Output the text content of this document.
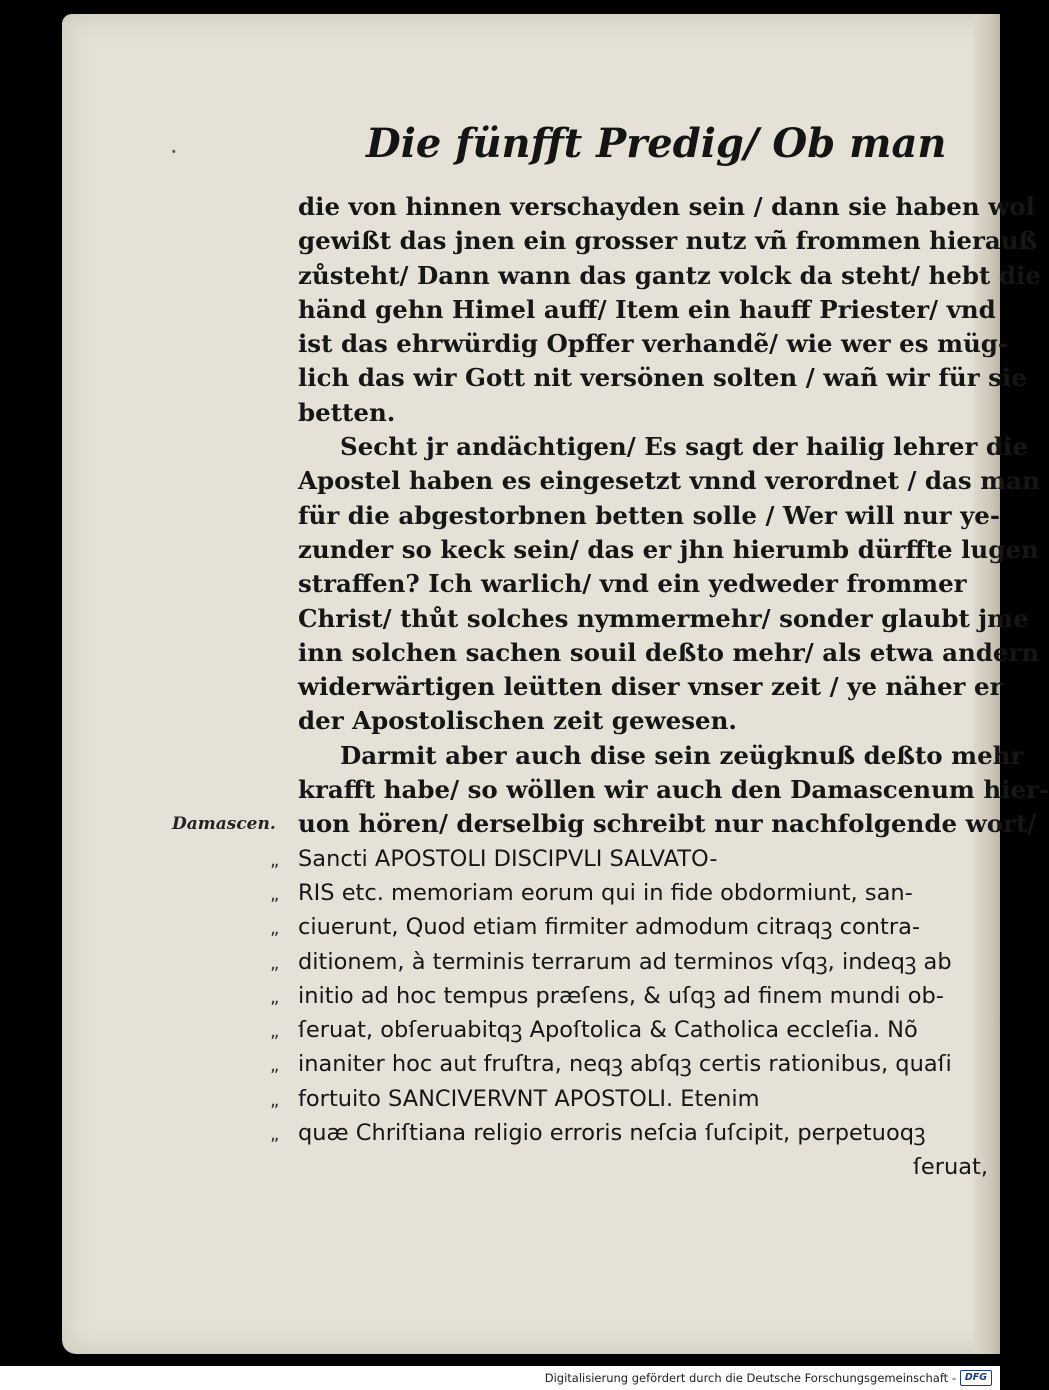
·	Die fünfft Predig/ Ob man
Damascen.
die von hinnen verschayden sein / dann sie haben wol
gewißt das jnen ein grosser nutz vñ frommen hierauß
zůsteht/ Dann wann das gantz volck da steht/ hebt die
händ gehn Himel auff/ Item ein hauff Priester/ vnd
ist das ehrwürdig Opffer verhandẽ/ wie wer es müg-
lich das wir Gott nit versönen solten / wañ wir für sie
betten.
Secht jr andächtigen/ Es sagt der hailig lehrer die
Apostel haben es eingesetzt vnnd verordnet / das man
für die abgestorbnen betten solle / Wer will nur ye-
zunder so keck sein/ das er jhn hierumb dürffte lugen
straffen? Ich warlich/ vnd ein yedweder frommer
Christ/ thůt solches nymmermehr/ sonder glaubt jme
inn solchen sachen souil deßto mehr/ als etwa andern
widerwärtigen leütten diser vnser zeit / ye näher er
der Apostolischen zeit gewesen.
Darmit aber auch dise sein zeügknuß deßto mehr
krafft habe/ so wöllen wir auch den Damascenum hier-
uon hören/ derselbig schreibt nur nachfolgende wort/
„ Sancti APOSTOLI DISCIPVLI SALVATO-
„ RIS etc. memoriam eorum qui in fide obdormiunt, san-
„ ciuerunt, Quod etiam firmiter admodum citraqꝫ contra-
„ ditionem, à terminis terrarum ad terminos vſqꝫ, indeqꝫ ab
„ initio ad hoc tempus præſens, & uſqꝫ ad finem mundi ob-
„ ſeruat, obſeruabitqꝫ Apoſtolica & Catholica eccleſia. Nõ
„ inaniter hoc aut fruſtra, neqꝫ abſqꝫ certis rationibus, quaſi
„ fortuito SANCIVERVNT APOSTOLI. Etenim
„ quæ Chriſtiana religio erroris neſcia ſuſcipit, perpetuoqꝫ
ſeruat,
Digitalisierung gefördert durch die Deutsche Forschungsgemeinschaft - DFG
